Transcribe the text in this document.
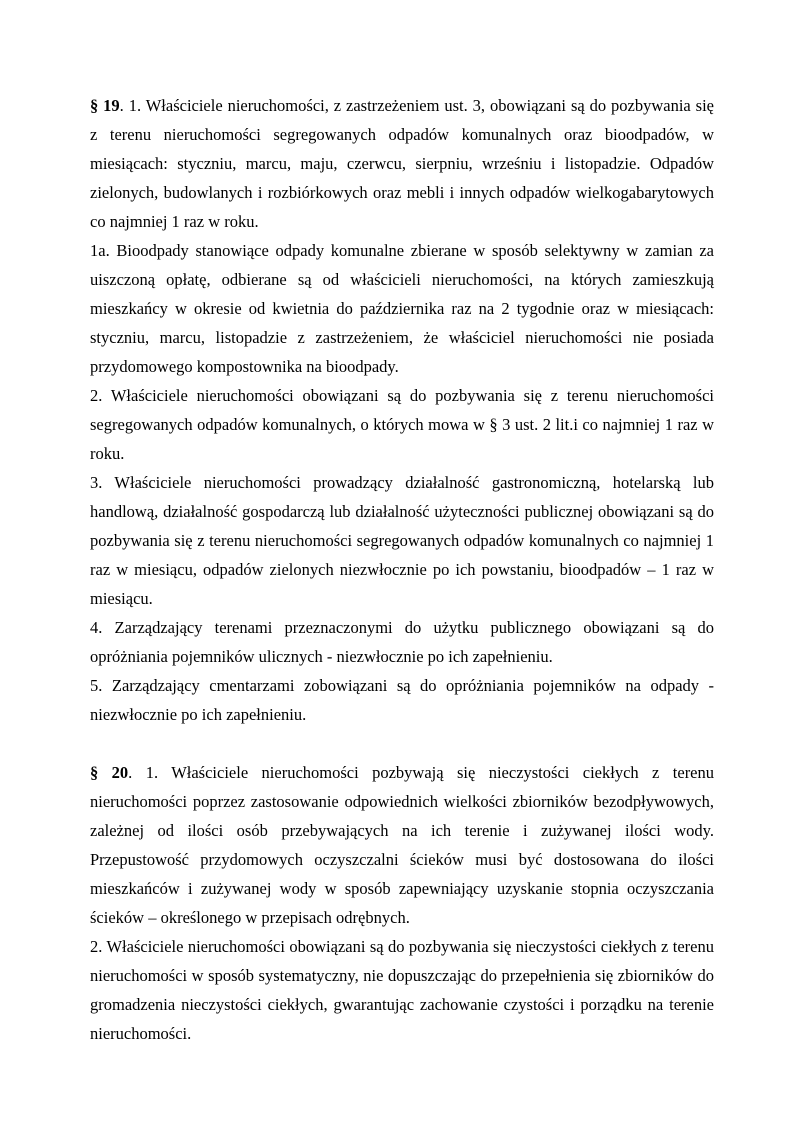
§ 19. 1. Właściciele nieruchomości, z zastrzeżeniem ust. 3, obowiązani są do pozbywania się z terenu nieruchomości segregowanych odpadów komunalnych oraz bioodpadów, w miesiącach: styczniu, marcu, maju, czerwcu, sierpniu, wrześniu i listopadzie. Odpadów zielonych, budowlanych i rozbiórkowych oraz mebli i innych odpadów wielkogabarytowych co najmniej 1 raz w roku.

1a. Bioodpady stanowiące odpady komunalne zbierane w sposób selektywny w zamian za uiszczoną opłatę, odbierane są od właścicieli nieruchomości, na których zamieszkują mieszkańcy w okresie od kwietnia do października raz na 2 tygodnie oraz w miesiącach: styczniu, marcu, listopadzie z zastrzeżeniem, że właściciel nieruchomości nie posiada przydomowego kompostownika na bioodpady.

2. Właściciele nieruchomości obowiązani są do pozbywania się z terenu nieruchomości segregowanych odpadów komunalnych, o których mowa w § 3 ust. 2 lit.i co najmniej 1 raz w roku.

3. Właściciele nieruchomości prowadzący działalność gastronomiczną, hotelarską lub handlową, działalność gospodarczą lub działalność użyteczności publicznej obowiązani są do pozbywania się z terenu nieruchomości segregowanych odpadów komunalnych co najmniej 1 raz w miesiącu, odpadów zielonych niezwłocznie po ich powstaniu, bioodpadów – 1 raz w miesiącu.

4. Zarządzający terenami przeznaczonymi do użytku publicznego obowiązani są do opróżniania pojemników ulicznych - niezwłocznie po ich zapełnieniu.

5. Zarządzający cmentarzami zobowiązani są do opróżniania pojemników na odpady - niezwłocznie po ich zapełnieniu.

§ 20. 1. Właściciele nieruchomości pozbywają się nieczystości ciekłych z terenu nieruchomości poprzez zastosowanie odpowiednich wielkości zbiorników bezodpływowych, zależnej od ilości osób przebywających na ich terenie i zużywanej ilości wody. Przepustowość przydomowych oczyszczalni ścieków musi być dostosowana do ilości mieszkańców i zużywanej wody w sposób zapewniający uzyskanie stopnia oczyszczania ścieków – określonego w przepisach odrębnych.

2. Właściciele nieruchomości obowiązani są do pozbywania się nieczystości ciekłych z terenu nieruchomości w sposób systematyczny, nie dopuszczając do przepełnienia się zbiorników do gromadzenia nieczystości ciekłych, gwarantując zachowanie czystości i porządku na terenie nieruchomości.
